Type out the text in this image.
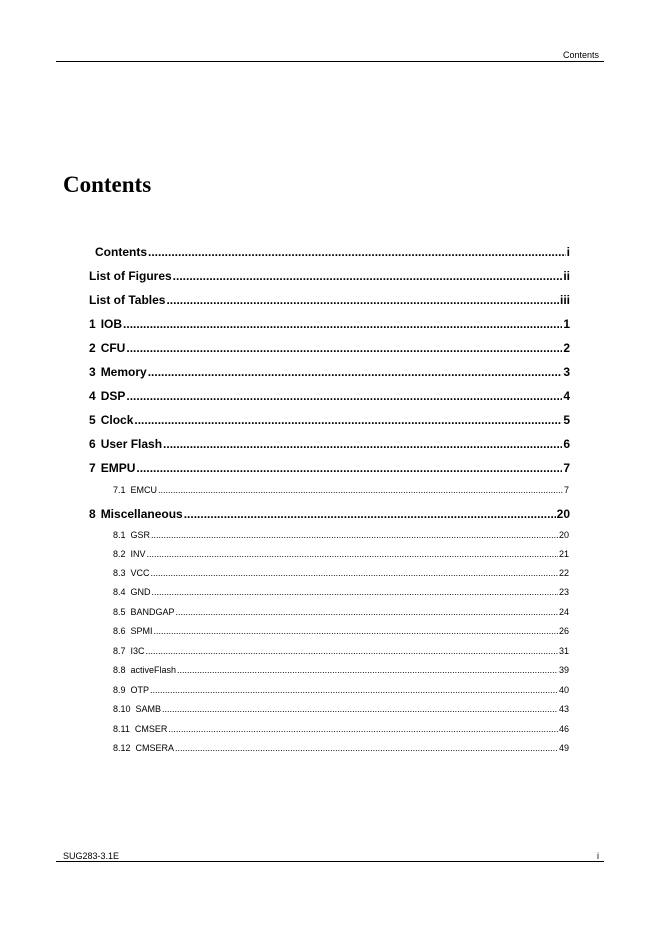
Contents
Contents
Contents .....	i
List of Figures .....	ii
List of Tables .....	iii
1 IOB .....	1
2 CFU .....	2
3 Memory .....	3
4 DSP .....	4
5 Clock .....	5
6 User Flash .....	6
7 EMPU .....	7
7.1 EMCU .....	7
8 Miscellaneous .....	20
8.1 GSR .....	20
8.2 INV .....	21
8.3 VCC .....	22
8.4 GND .....	23
8.5 BANDGAP .....	24
8.6 SPMI .....	26
8.7 I3C .....	31
8.8 activeFlash .....	39
8.9 OTP .....	40
8.10 SAMB .....	43
8.11 CMSER .....	46
8.12 CMSERA .....	49
SUG283-3.1E	i
